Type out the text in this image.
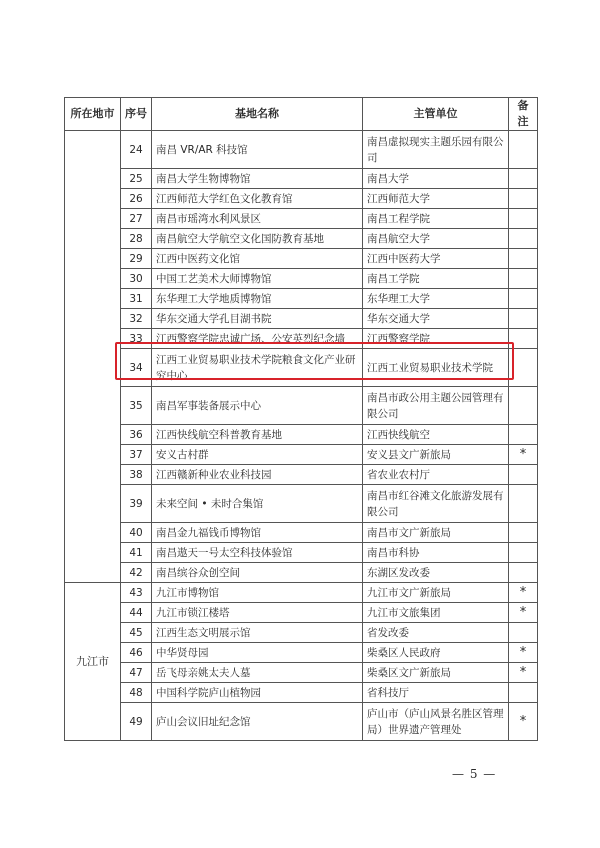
所在地市	序号	基地名称	主管单位	备注
	24	南昌 VR/AR 科技馆	南昌虚拟现实主题乐园有限公司	
	25	南昌大学生物博物馆	南昌大学	
	26	江西师范大学红色文化教育馆	江西师范大学	
	27	南昌市瑶湾水利风景区	南昌工程学院	
	28	南昌航空大学航空文化国防教育基地	南昌航空大学	
	29	江西中医药文化馆	江西中医药大学	
	30	中国工艺美术大师博物馆	南昌工学院	
	31	东华理工大学地质博物馆	东华理工大学	
	32	华东交通大学孔目湖书院	华东交通大学	
	33	江西警察学院忠诚广场、公安英烈纪念墙	江西警察学院	
	34	江西工业贸易职业技术学院粮食文化产业研究中心	江西工业贸易职业技术学院	
	35	南昌军事装备展示中心	南昌市政公用主题公园管理有限公司	
	36	江西快线航空科普教育基地	江西快线航空	
	37	安义古村群	安义县文广新旅局	*
	38	江西赣新种业农业科技园	省农业农村厅	
	39	未来空间 • 未时合集馆	南昌市红谷滩文化旅游发展有限公司	
	40	南昌金九福钱币博物馆	南昌市文广新旅局	
	41	南昌遨天一号太空科技体验馆	南昌市科协	
	42	南昌缤谷众创空间	东湖区发改委	
九江市	43	九江市博物馆	九江市文广新旅局	*
	44	九江市锁江楼塔	九江市文旅集团	*
	45	江西生态文明展示馆	省发改委	
	46	中华贤母园	柴桑区人民政府	*
	47	岳飞母亲姚太夫人墓	柴桑区文广新旅局	*
	48	中国科学院庐山植物园	省科技厅	
	49	庐山会议旧址纪念馆	庐山市（庐山风景名胜区管理局）世界遗产管理处	*
— 5 —
